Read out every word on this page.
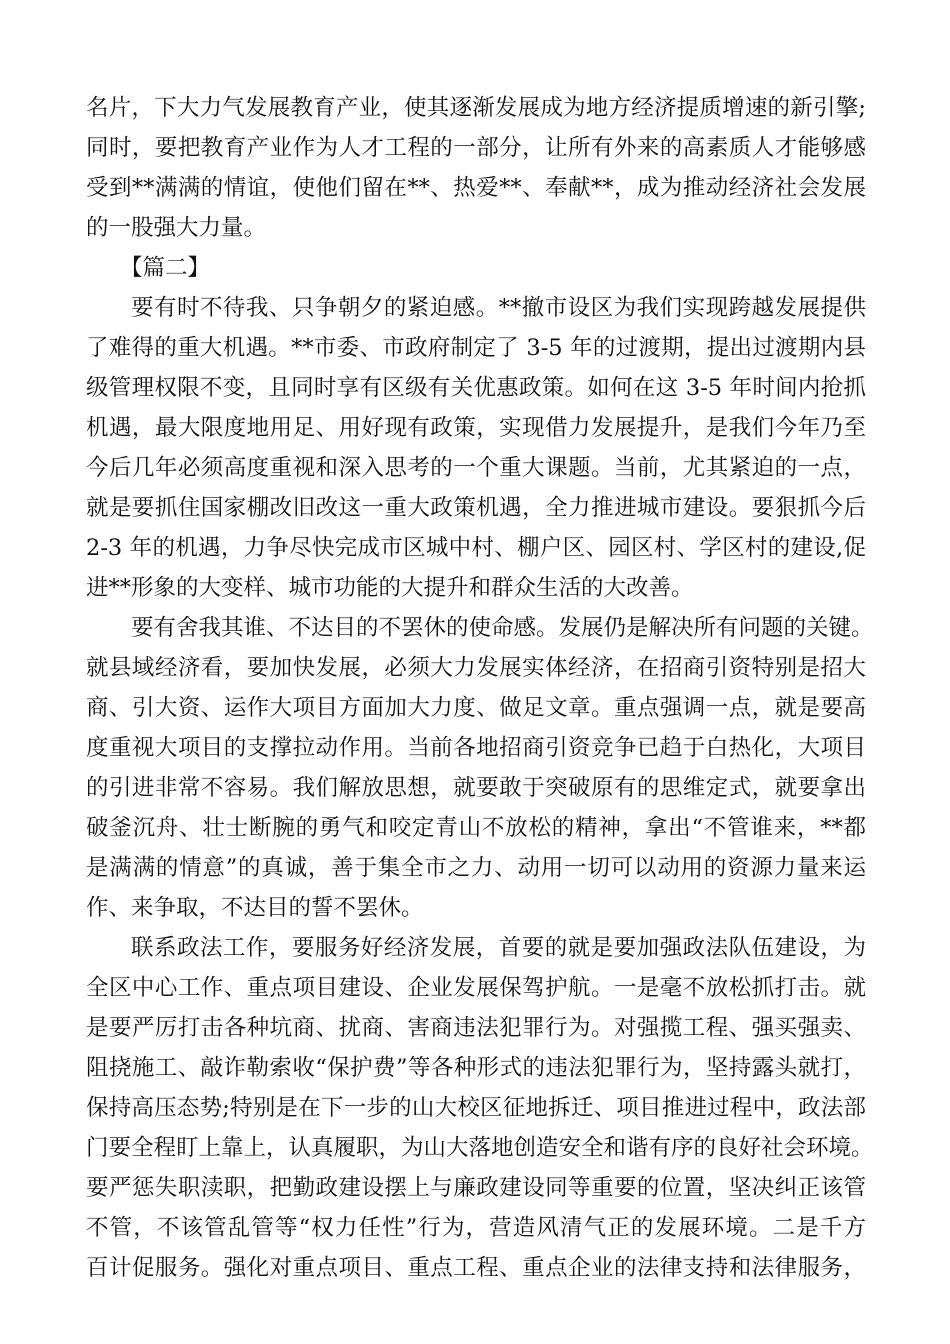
名片，下大力气发展教育产业，使其逐渐发展成为地方经济提质增速的新引擎;
同时，要把教育产业作为人才工程的一部分，让所有外来的高素质人才能够感
受到**满满的情谊，使他们留在**、热爱**、奉献**，成为推动经济社会发展
的一股强大力量。
【篇二】
要有时不待我、只争朝夕的紧迫感。**撤市设区为我们实现跨越发展提供
了难得的重大机遇。**市委、市政府制定了 3-5 年的过渡期，提出过渡期内县
级管理权限不变，且同时享有区级有关优惠政策。如何在这 3-5 年时间内抢抓
机遇，最大限度地用足、用好现有政策，实现借力发展提升，是我们今年乃至
今后几年必须高度重视和深入思考的一个重大课题。当前，尤其紧迫的一点，
就是要抓住国家棚改旧改这一重大政策机遇，全力推进城市建设。要狠抓今后
2-3 年的机遇，力争尽快完成市区城中村、棚户区、园区村、学区村的建设,促
进**形象的大变样、城市功能的大提升和群众生活的大改善。
要有舍我其谁、不达目的不罢休的使命感。发展仍是解决所有问题的关键。
就县域经济看，要加快发展，必须大力发展实体经济，在招商引资特别是招大
商、引大资、运作大项目方面加大力度、做足文章。重点强调一点，就是要高
度重视大项目的支撑拉动作用。当前各地招商引资竞争已趋于白热化，大项目
的引进非常不容易。我们解放思想，就要敢于突破原有的思维定式，就要拿出
破釜沉舟、壮士断腕的勇气和咬定青山不放松的精神，拿出“不管谁来，**都
是满满的情意”的真诚，善于集全市之力、动用一切可以动用的资源力量来运
作、来争取，不达目的誓不罢休。
联系政法工作，要服务好经济发展，首要的就是要加强政法队伍建设，为
全区中心工作、重点项目建设、企业发展保驾护航。一是毫不放松抓打击。就
是要严厉打击各种坑商、扰商、害商违法犯罪行为。对强揽工程、强买强卖、
阻挠施工、敲诈勒索收“保护费”等各种形式的违法犯罪行为，坚持露头就打，
保持高压态势;特别是在下一步的山大校区征地拆迁、项目推进过程中，政法部
门要全程盯上靠上，认真履职，为山大落地创造安全和谐有序的良好社会环境。
要严惩失职渎职，把勤政建设摆上与廉政建设同等重要的位置，坚决纠正该管
不管，不该管乱管等“权力任性”行为，营造风清气正的发展环境。二是千方
百计促服务。强化对重点项目、重点工程、重点企业的法律支持和法律服务，
